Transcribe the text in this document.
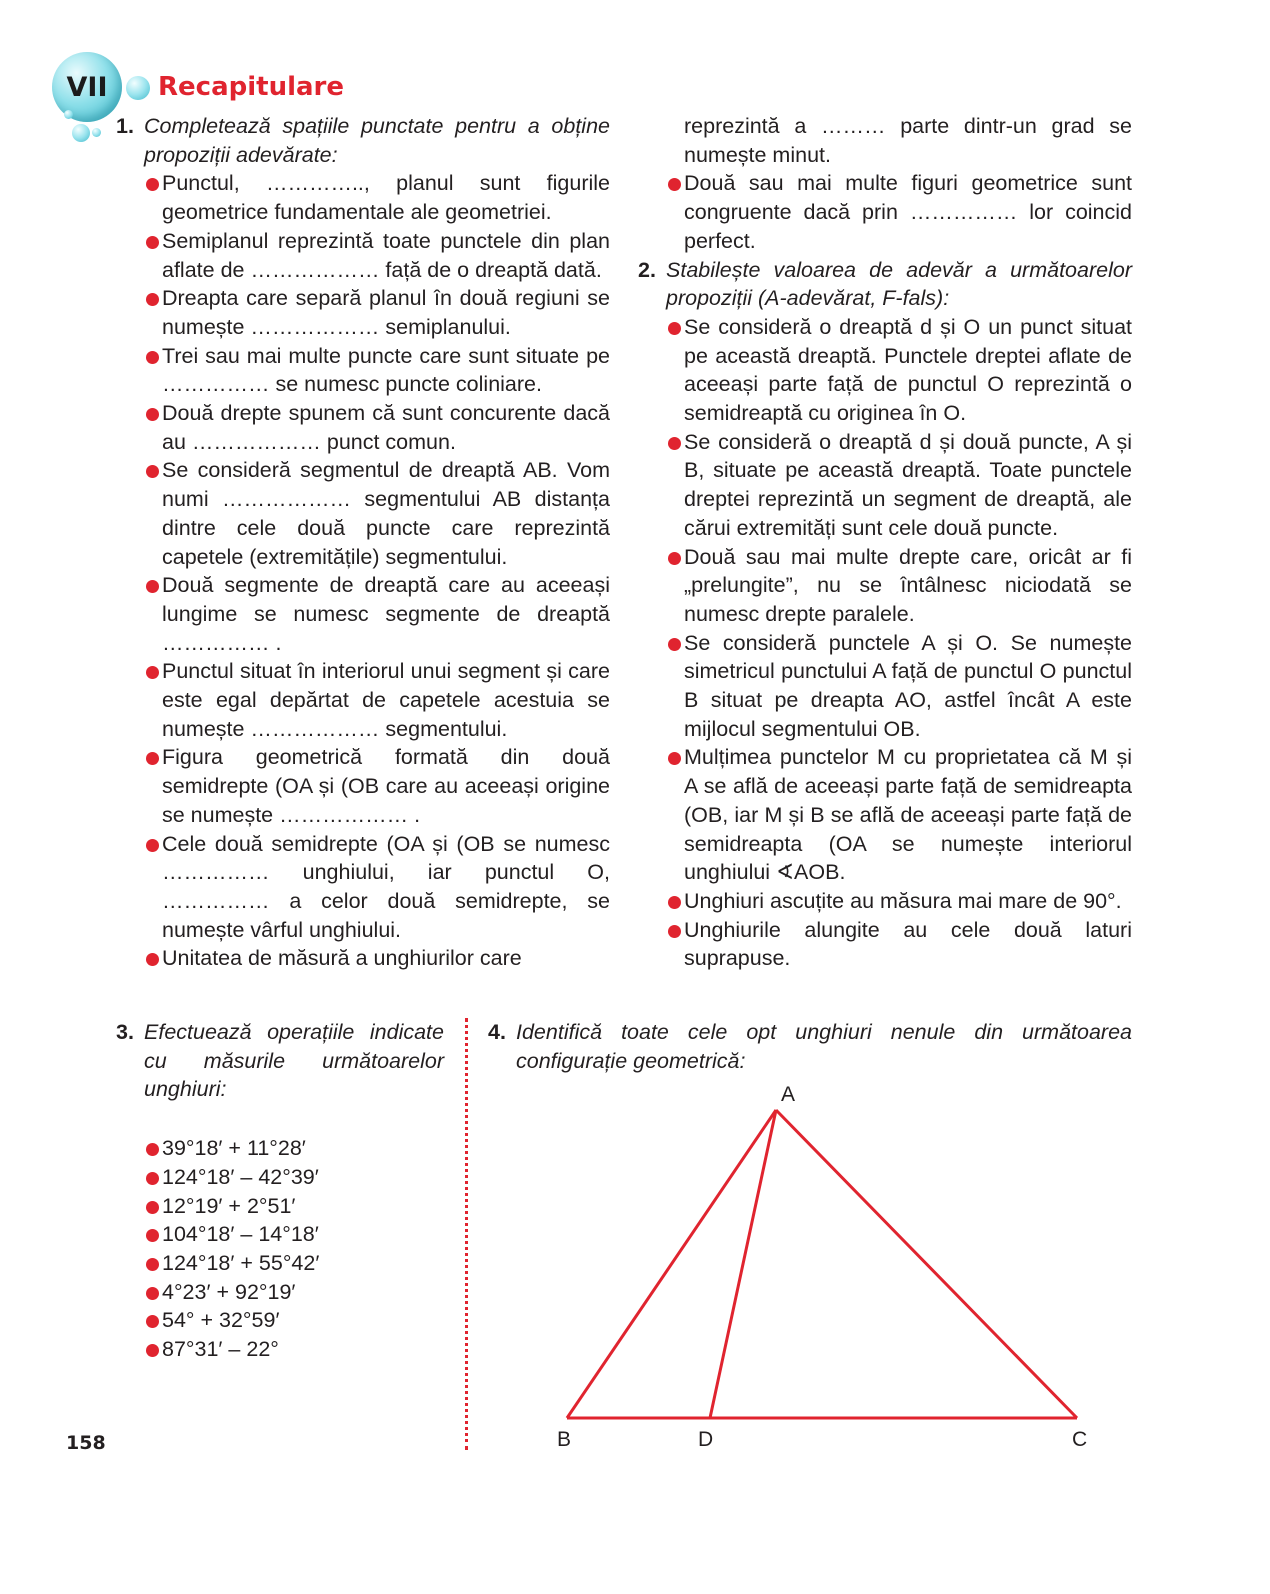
VII	Recapitulare
1. Completează spațiile punctate pentru a obține propoziții adevărate:
Punctul, ………….., planul sunt figurile geometrice fundamentale ale geometriei.
Semiplanul reprezintă toate punctele din plan aflate de ……………… față de o dreaptă dată.
Dreapta care separă planul în două regiuni se numește ……………… semiplanului.
Trei sau mai multe puncte care sunt situate pe …………… se numesc puncte coliniare.
Două drepte spunem că sunt concurente dacă au ……………… punct comun.
Se consideră segmentul de dreaptă AB. Vom numi ……………… segmentului AB distanța dintre cele două puncte care reprezintă capetele (extremitățile) segmentului.
Două segmente de dreaptă care au aceeași lungime se numesc segmente de dreaptă …………… .
Punctul situat în interiorul unui segment și care este egal depărtat de capetele acestuia se numește ……………… segmentului.
Figura geometrică formată din două semidrepte (OA și (OB care au aceeași origine se numește ……………… .
Cele două semidrepte (OA și (OB se numesc …………… unghiului, iar punctul O, …………… a celor două semidrepte, se numește vârful unghiului.
Unitatea de măsură a unghiurilor care
reprezintă a ……… parte dintr-un grad se numește minut.
Două sau mai multe figuri geometrice sunt congruente dacă prin …………… lor coincid perfect.
2. Stabilește valoarea de adevăr a următoarelor propoziții (A-adevărat, F-fals):
Se consideră o dreaptă d și O un punct situat pe această dreaptă. Punctele dreptei aflate de aceeași parte față de punctul O reprezintă o semidreaptă cu originea în O.
Se consideră o dreaptă d și două puncte, A și B, situate pe această dreaptă. Toate punctele dreptei reprezintă un segment de dreaptă, ale cărui extremități sunt cele două puncte.
Două sau mai multe drepte care, oricât ar fi „prelungite”, nu se întâlnesc niciodată se numesc drepte paralele.
Se consideră punctele A și O. Se numește simetricul punctului A față de punctul O punctul B situat pe dreapta AO, astfel încât A este mijlocul segmentului OB.
Mulțimea punctelor M cu proprietatea că M și A se află de aceeași parte față de semidreapta (OB, iar M și B se află de aceeași parte față de semidreapta (OA se numește interiorul unghiului ∢AOB.
Unghiuri ascuțite au măsura mai mare de 90°.
Unghiurile alungite au cele două laturi suprapuse.
3. Efectuează operațiile indicate cu măsurile următoarelor unghiuri:
39°18′ + 11°28′
124°18′ – 42°39′
12°19′ + 2°51′
104°18′ – 14°18′
124°18′ + 55°42′
4°23′ + 92°19′
54° + 32°59′
87°31′ – 22°
4. Identifică toate cele opt unghiuri nenule din următoarea configurație geometrică:
A
B	D	C
158
